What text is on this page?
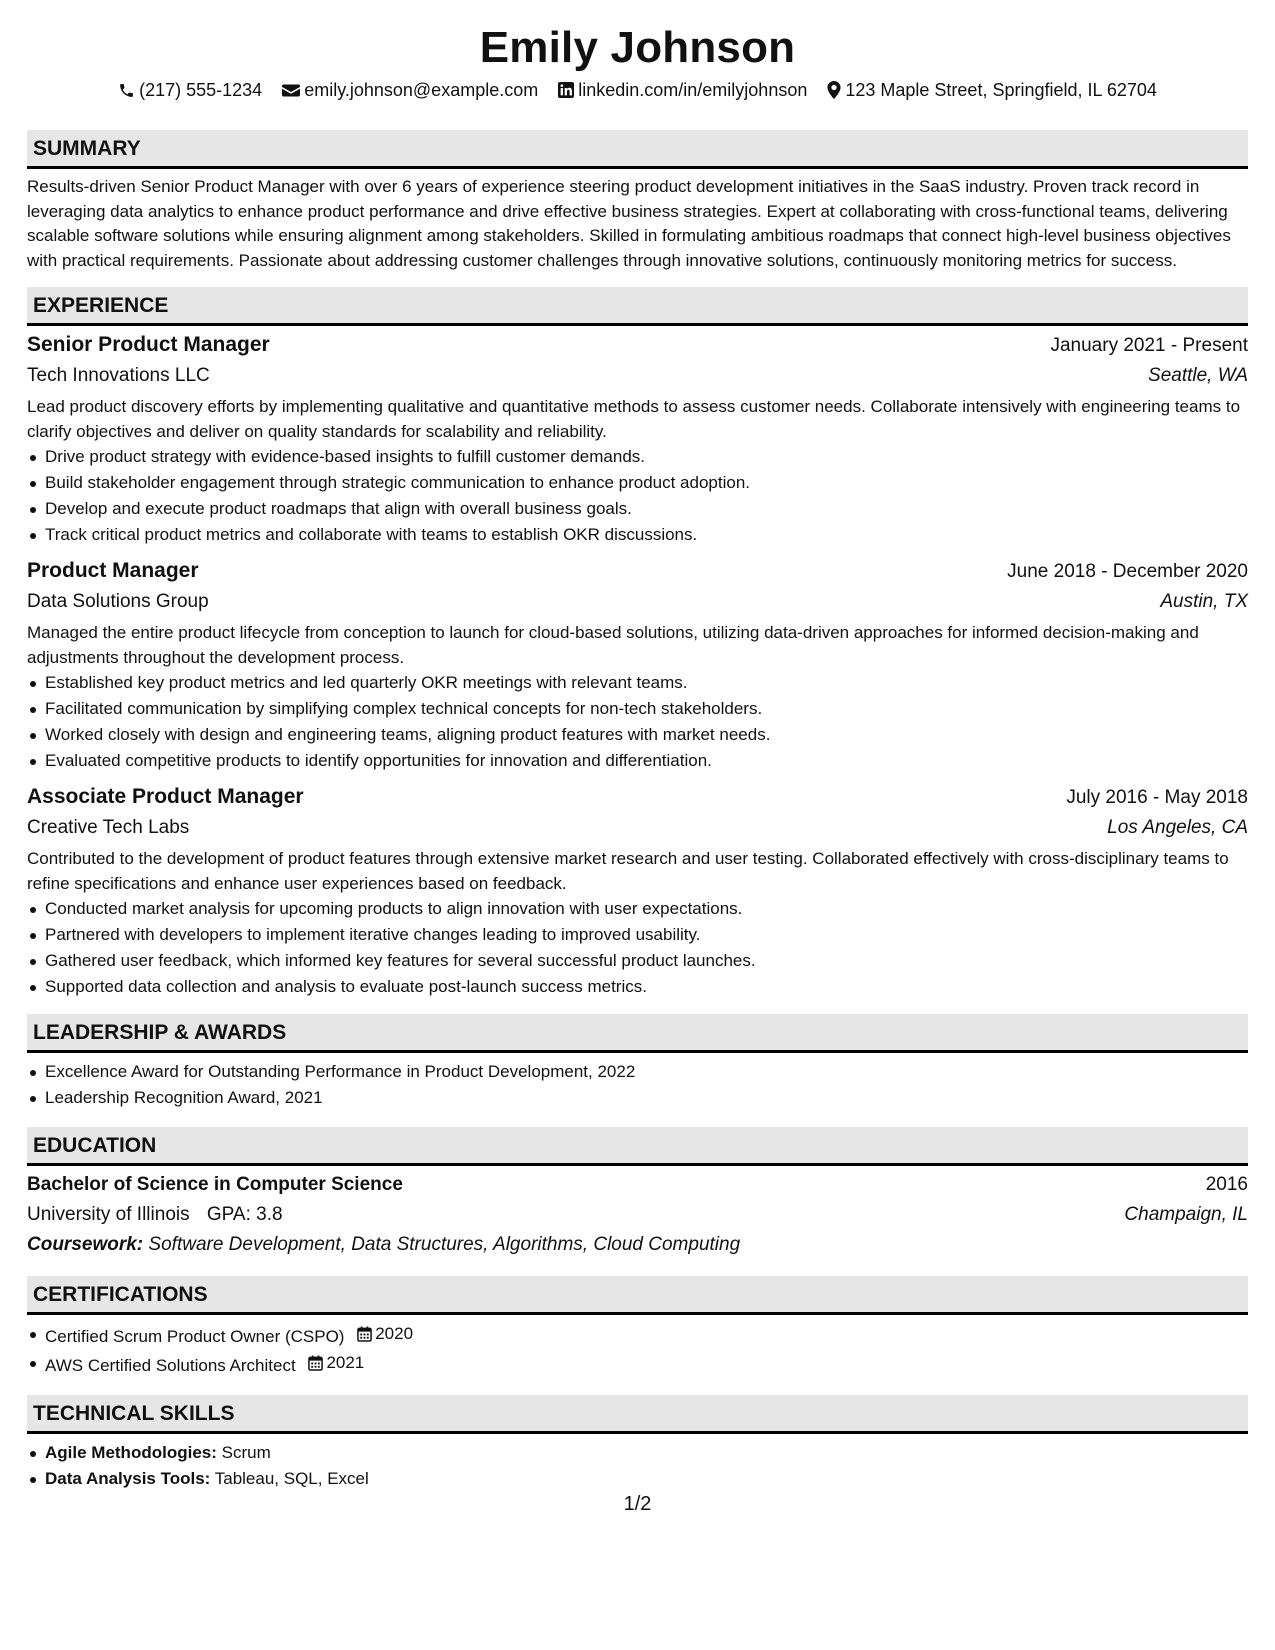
Emily Johnson
(217) 555-1234 emily.johnson@example.com linkedin.com/in/emilyjohnson 123 Maple Street, Springfield, IL 62704
SUMMARY

Results-driven Senior Product Manager with over 6 years of experience steering product development initiatives in the SaaS industry. Proven track record in leveraging data analytics to enhance product performance and drive effective business strategies. Expert at collaborating with cross-functional teams, delivering scalable software solutions while ensuring alignment among stakeholders. Skilled in formulating ambitious roadmaps that connect high-level business objectives with practical requirements. Passionate about addressing customer challenges through innovative solutions, continuously monitoring metrics for success.

EXPERIENCE
Senior Product Manager	January 2021 - Present
Tech Innovations LLC	Seattle, WA

Lead product discovery efforts by implementing qualitative and quantitative methods to assess customer needs. Collaborate intensively with engineering teams to clarify objectives and deliver on quality standards for scalability and reliability.

Drive product strategy with evidence-based insights to fulfill customer demands.
Build stakeholder engagement through strategic communication to enhance product adoption.
Develop and execute product roadmaps that align with overall business goals.
Track critical product metrics and collaborate with teams to establish OKR discussions.
Product Manager	June 2018 - December 2020
Data Solutions Group	Austin, TX

Managed the entire product lifecycle from conception to launch for cloud-based solutions, utilizing data-driven approaches for informed decision-making and adjustments throughout the development process.

Established key product metrics and led quarterly OKR meetings with relevant teams.
Facilitated communication by simplifying complex technical concepts for non-tech stakeholders.
Worked closely with design and engineering teams, aligning product features with market needs.
Evaluated competitive products to identify opportunities for innovation and differentiation.
Associate Product Manager	July 2016 - May 2018
Creative Tech Labs	Los Angeles, CA

Contributed to the development of product features through extensive market research and user testing. Collaborated effectively with cross-disciplinary teams to refine specifications and enhance user experiences based on feedback.

Conducted market analysis for upcoming products to align innovation with user expectations.
Partnered with developers to implement iterative changes leading to improved usability.
Gathered user feedback, which informed key features for several successful product launches.
Supported data collection and analysis to evaluate post-launch success metrics.
LEADERSHIP & AWARDS
Excellence Award for Outstanding Performance in Product Development, 2022
Leadership Recognition Award, 2021
EDUCATION
Bachelor of Science in Computer Science	2016
University of Illinois GPA: 3.8	Champaign, IL
Coursework: Software Development, Data Structures, Algorithms, Cloud Computing
CERTIFICATIONS
Certified Scrum Product Owner (CSPO) 2020
AWS Certified Solutions Architect 2021
TECHNICAL SKILLS
Agile Methodologies: Scrum
Data Analysis Tools: Tableau, SQL, Excel
1/2
